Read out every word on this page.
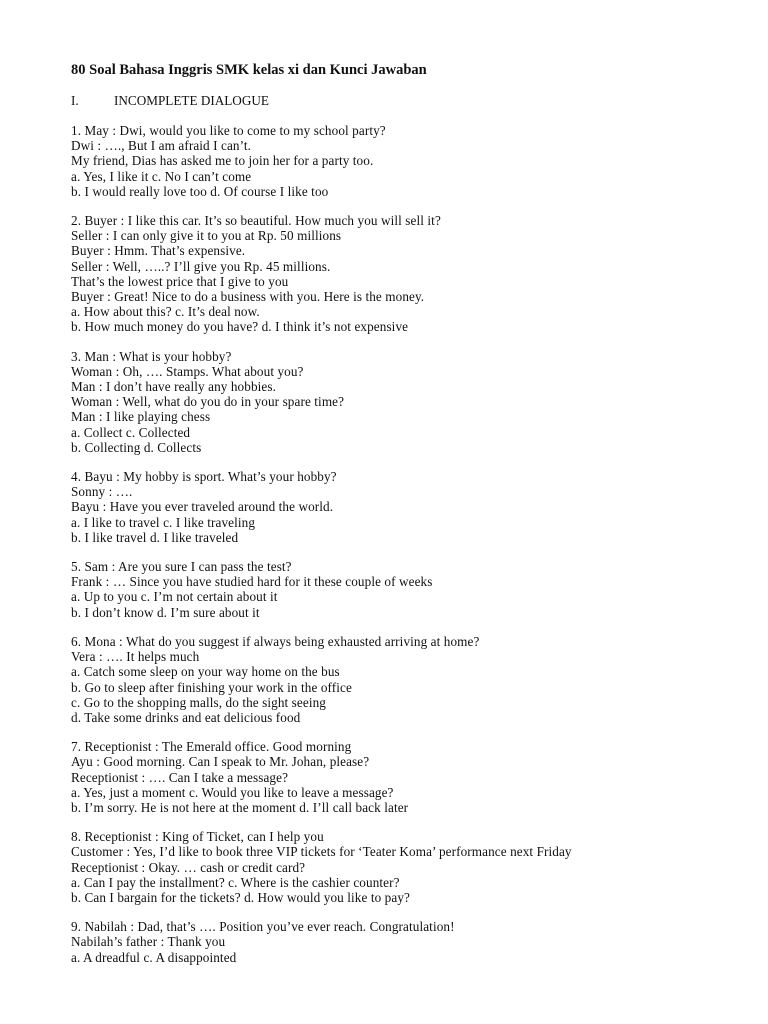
80 Soal Bahasa Inggris SMK kelas xi dan Kunci Jawaban
I.	INCOMPLETE DIALOGUE
1. May : Dwi, would you like to come to my school party?
Dwi : …., But I am afraid I can’t.
My friend, Dias has asked me to join her for a party too.
a. Yes, I like it c. No I can’t come
b. I would really love too d. Of course I like too
2. Buyer : I like this car. It’s so beautiful. How much you will sell it?
Seller : I can only give it to you at Rp. 50 millions
Buyer : Hmm. That’s expensive.
Seller : Well, …..? I’ll give you Rp. 45 millions.
That’s the lowest price that I give to you
Buyer : Great! Nice to do a business with you. Here is the money.
a. How about this? c. It’s deal now.
b. How much money do you have? d. I think it’s not expensive
3. Man : What is your hobby?
Woman : Oh, …. Stamps. What about you?
Man : I don’t have really any hobbies.
Woman : Well, what do you do in your spare time?
Man : I like playing chess
a. Collect c. Collected
b. Collecting d. Collects
4. Bayu : My hobby is sport. What’s your hobby?
Sonny : ….
Bayu : Have you ever traveled around the world.
a. I like to travel c. I like traveling
b. I like travel d. I like traveled
5. Sam : Are you sure I can pass the test?
Frank : … Since you have studied hard for it these couple of weeks
a. Up to you c. I’m not certain about it
b. I don’t know d. I’m sure about it
6. Mona : What do you suggest if always being exhausted arriving at home?
Vera : …. It helps much
a. Catch some sleep on your way home on the bus
b. Go to sleep after finishing your work in the office
c. Go to the shopping malls, do the sight seeing
d. Take some drinks and eat delicious food
7. Receptionist : The Emerald office. Good morning
Ayu : Good morning. Can I speak to Mr. Johan, please?
Receptionist : …. Can I take a message?
a. Yes, just a moment c. Would you like to leave a message?
b. I’m sorry. He is not here at the moment d. I’ll call back later
8. Receptionist : King of Ticket, can I help you
Customer : Yes, I’d like to book three VIP tickets for ‘Teater Koma’ performance next Friday
Receptionist : Okay. … cash or credit card?
a. Can I pay the installment? c. Where is the cashier counter?
b. Can I bargain for the tickets? d. How would you like to pay?
9. Nabilah : Dad, that’s …. Position you’ve ever reach. Congratulation!
Nabilah’s father : Thank you
a. A dreadful c. A disappointed
